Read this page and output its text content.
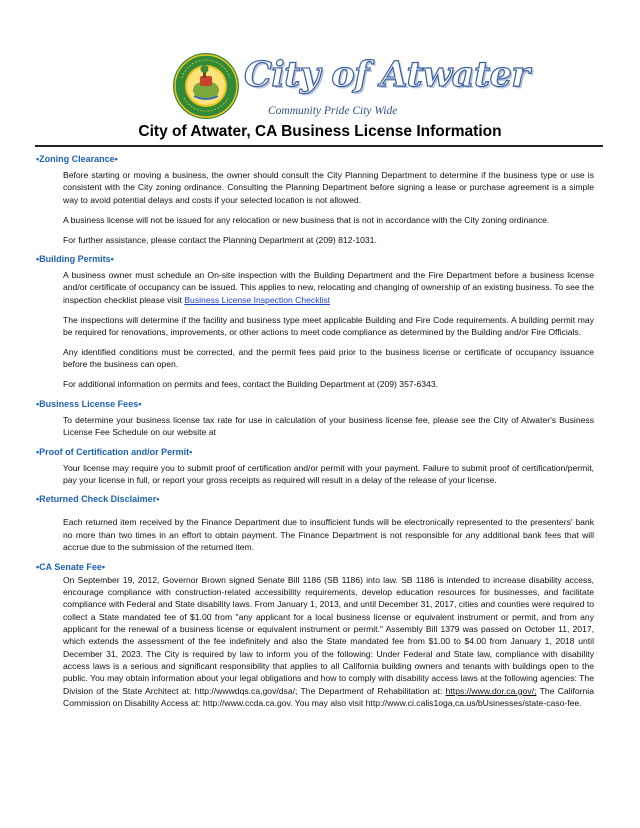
City of Atwater
Community Pride City Wide
City of Atwater, CA Business License Information
•Zoning Clearance•

Before starting or moving a business, the owner should consult the City Planning Department to determine if the business type or use is consistent with the City zoning ordinance. Consulting the Planning Department before signing a lease or purchase agreement is a simple way to avoid potential delays and costs if your selected location is not allowed.

A business license will not be issued for any relocation or new business that is not in accordance with the City zoning ordinance.

For further assistance, please contact the Planning Department at (209) 812-1031.

•Building Permits•

A business owner must schedule an On-site inspection with the Building Department and the Fire Department before a business license and/or certificate of occupancy can be issued. This applies to new, relocating and changing of ownership of an existing business. To see the inspection checklist please visit Business License Inspection Checklist

The inspections will determine if the facility and business type meet applicable Building and Fire Code requirements. A building permit may be required for renovations, improvements, or other actions to meet code compliance as determined by the Building and/or Fire Officials.

Any identified conditions must be corrected, and the permit fees paid prior to the business license or certificate of occupancy issuance before the business can open.

For additional information on permits and fees, contact the Building Department at (209) 357-6343.

•Business License Fees•

To determine your business license tax rate for use in calculation of your business license fee, please see the City of Atwater's Business License Fee Schedule on our website at

•Proof of Certification and/or Permit•

Your license may require you to submit proof of certification and/or permit with your payment. Failure to submit proof of certification/permit, pay your license in full, or report your gross receipts as required will result in a delay of the release of your license.

•Returned Check Disclaimer•

Each returned item received by the Finance Department due to insufficient funds will be electronically represented to the presenters' bank no more than two times in an effort to obtain payment. The Finance Department is not responsible for any additional bank fees that will accrue due to the submission of the returned item.

•CA Senate Fee•

On September 19, 2012, Governor Brown signed Senate Bill 1186 (SB 1186) into law. SB 1186 is intended to increase disability access, encourage compliance with construction-related accessibility requirements, develop education resources for businesses, and facilitate compliance with Federal and State disability laws. From January 1, 2013, and until December 31, 2017, cities and counties were required to collect a State mandated fee of $1.00 from "any applicant for a local business license or equivalent instrument or permit, and from any applicant for the renewal of a business license or equivalent instrument or permit." Assembly Bill 1379 was passed on October 11, 2017, which extends the assessment of the fee indefinitely and also the State mandated fee from $1.00 to $4.00 from January 1, 2018 until December 31, 2023. The City is required by law to inform you of the following: Under Federal and State law, compliance with disability access laws is a serious and significant responsibility that applies to all California building owners and tenants with buildings open to the public. You may obtain information about your legal obligations and how to comply with disability access laws at the following agencies: The Division of the State Architect at: http://wwwdqs.ca,gov/dsa/; The Department of Rehabilitation at: https://www.dor.ca.gov/; The California Commission on Disability Access at: http://www.ccda.ca.gov. You may also visit http://www.ci.calis1oga,ca.us/bUsinesses/state-caso-fee.
